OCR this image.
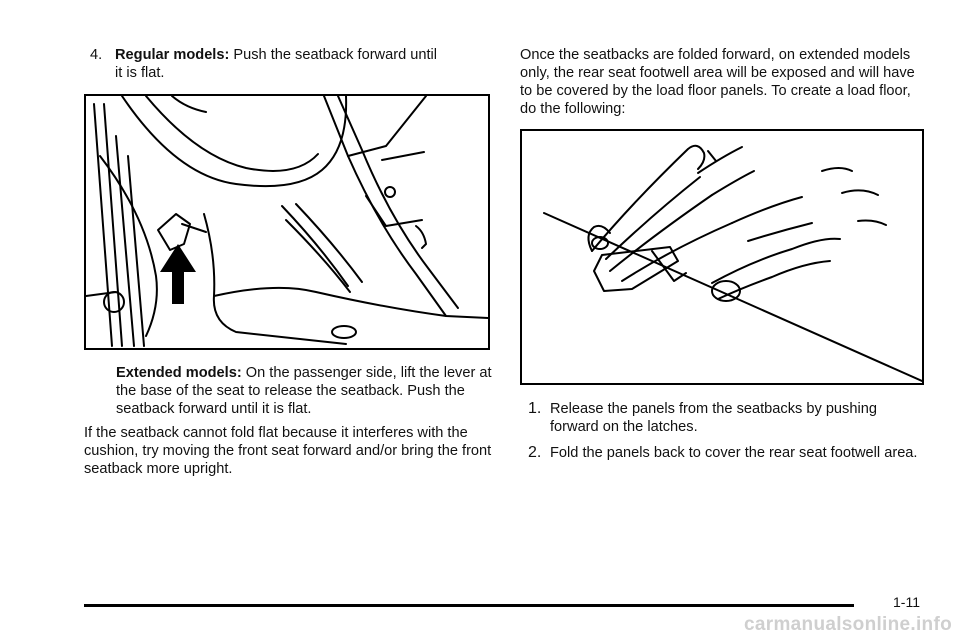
4. Regular models: Push the seatback forward until

it is flat.

Extended models: On the passenger side, lift the lever at the base of the seat to release the seatback. Push the seatback forward until it is flat.

If the seatback cannot fold flat because it interferes with the cushion, try moving the front seat forward and/or bring the front seatback more upright.

Once the seatbacks are folded forward, on extended models only, the rear seat footwell area will be exposed and will have to be covered by the load floor panels. To create a load floor, do the following:

1. Release the panels from the seatbacks by pushing forward on the latches.

2. Fold the panels back to cover the rear seat footwell area.

1-11
carmanualsonline.info
